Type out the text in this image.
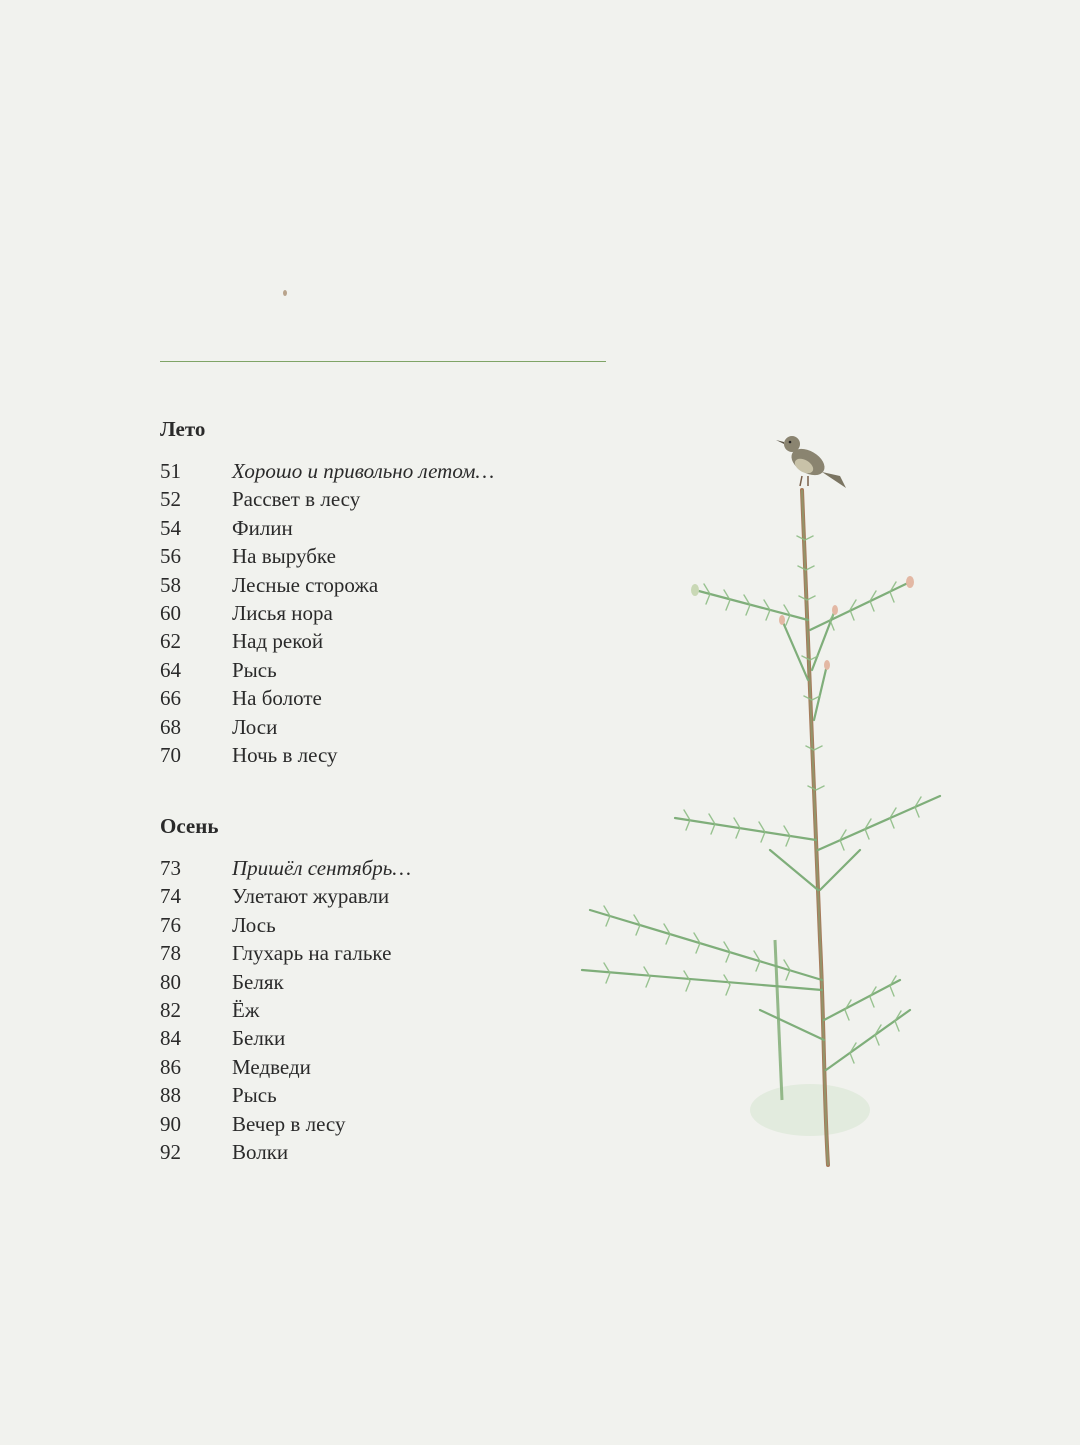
Лето
51	Хорошо и привольно летом…
52	Рассвет в лесу
54	Филин
56	На вырубке
58	Лесные сторожа
60	Лисья нора
62	Над рекой
64	Рысь
66	На болоте
68	Лоси
70	Ночь в лесу
Осень
73	Пришёл сентябрь…
74	Улетают журавли
76	Лось
78	Глухарь на гальке
80	Беляк
82	Ёж
84	Белки
86	Медведи
88	Рысь
90	Вечер в лесу
92	Волки
